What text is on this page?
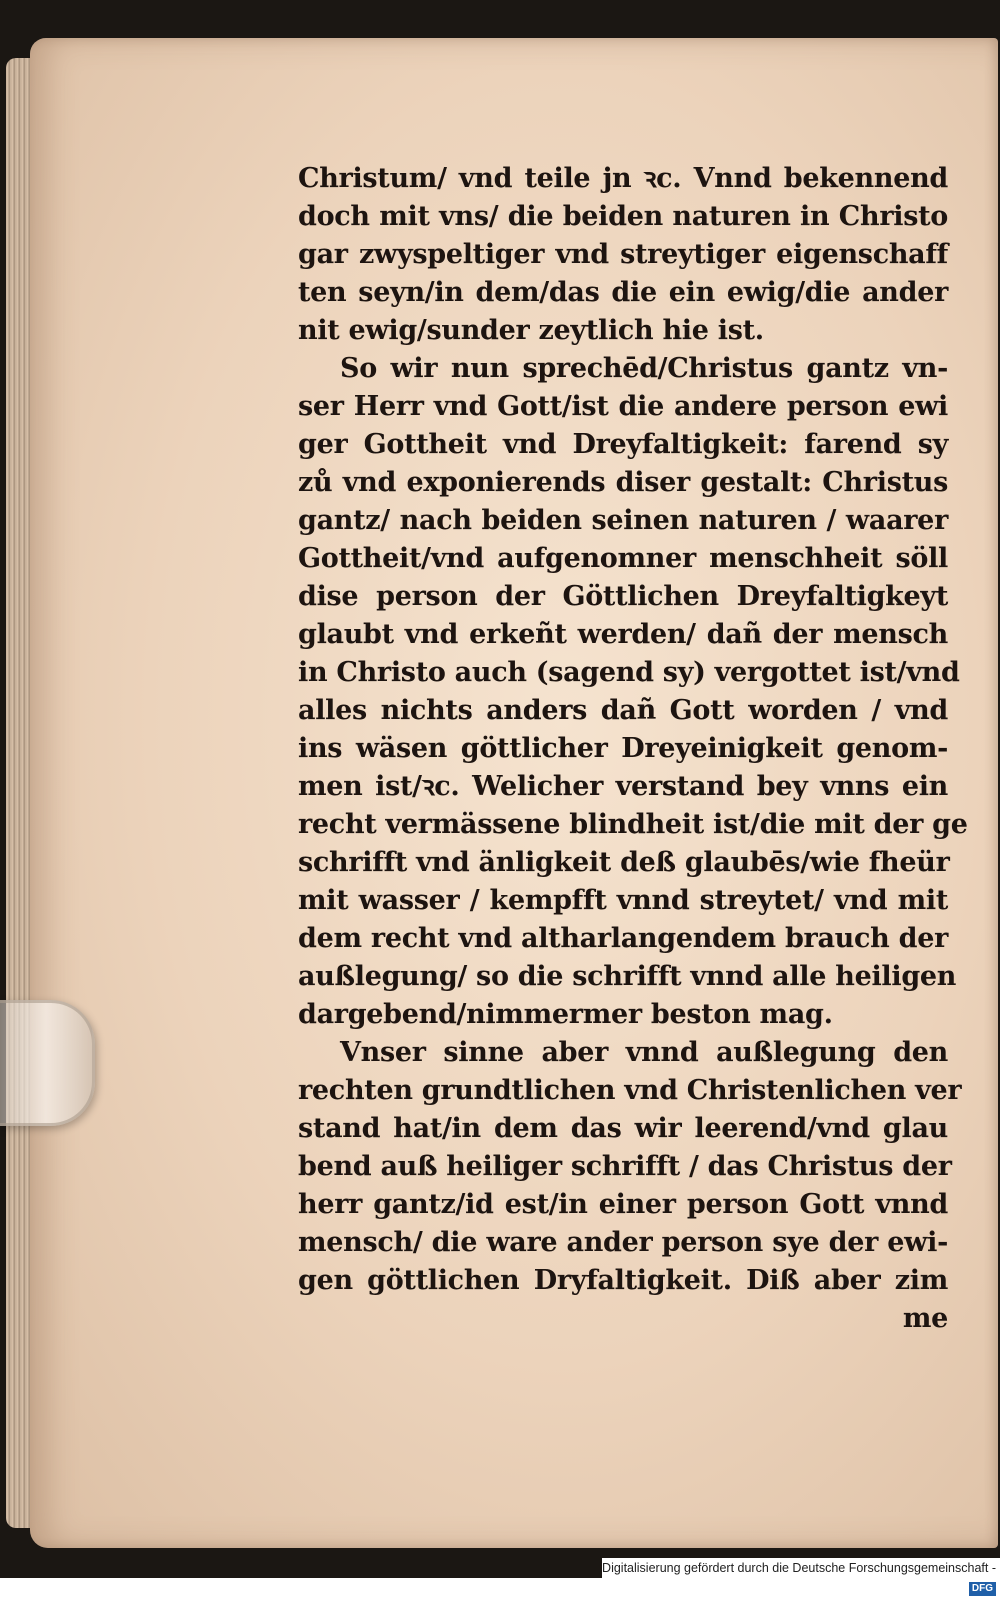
Christum/ vnd teile jn ꝛc. Vnnd bekennend
doch mit vns/ die beiden naturen in Christo
gar zwyspeltiger vnd streytiger eigenschaff
ten seyn/in dem/das die ein ewig/die ander
nit ewig/sunder zeytlich hie ist.
So wir nun sprechēd/Christus gantz vn-
ser Herr vnd Gott/ist die andere person ewi
ger Gottheit vnd Dreyfaltigkeit: farend sy
zů vnd exponierends diser gestalt: Christus
gantz/ nach beiden seinen naturen / waarer
Gottheit/vnd aufgenomner menschheit söll
dise person der Göttlichen Dreyfaltigkeyt
glaubt vnd erkeñt werden/ dañ der mensch
in Christo auch (sagend sy) vergottet ist/vnd
alles nichts anders dañ Gott worden / vnd
ins wäsen göttlicher Dreyeinigkeit genom-
men ist/ꝛc. Welicher verstand bey vnns ein
recht vermässene blindheit ist/die mit der ge
schrifft vnd änligkeit deß glaubēs/wie fheür
mit wasser / kempfft vnnd streytet/ vnd mit
dem recht vnd altharlangendem brauch der
außlegung/ so die schrifft vnnd alle heiligen
dargebend/nimmermer beston mag.
Vnser sinne aber vnnd außlegung den
rechten grundtlichen vnd Christenlichen ver
stand hat/in dem das wir leerend/vnd glau
bend auß heiliger schrifft / das Christus der
herr gantz/id est/in einer person Gott vnnd
mensch/ die ware ander person sye der ewi-
gen göttlichen Dryfaltigkeit. Diß aber zim
me
Digitalisierung gefördert durch die Deutsche Forschungsgemeinschaft -DFG
